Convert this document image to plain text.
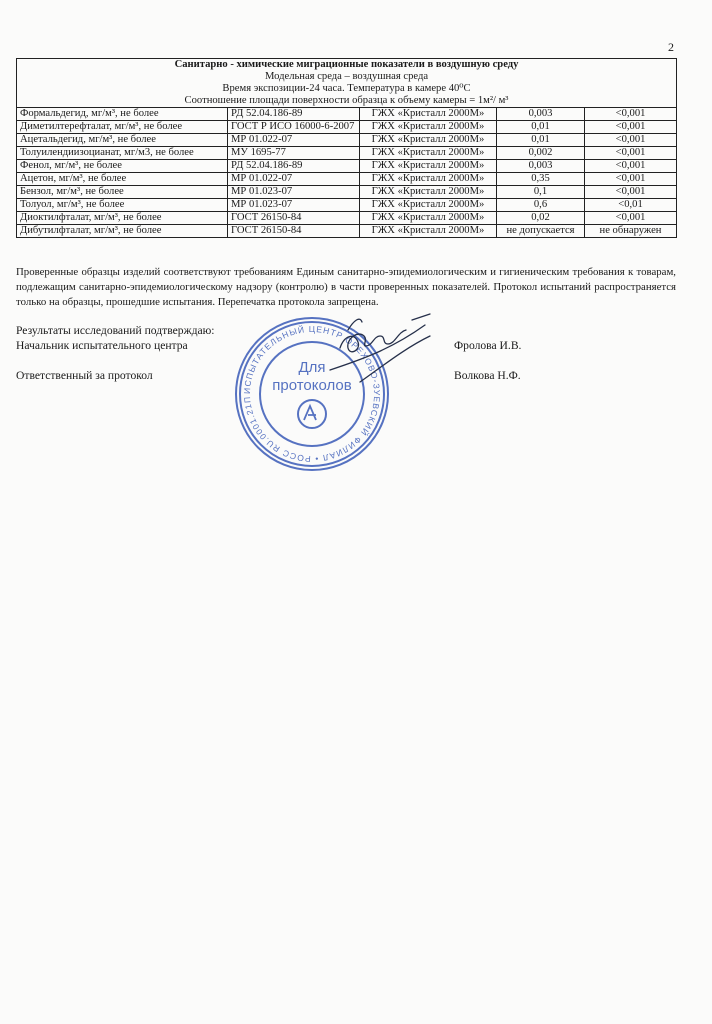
2
Санитарно - химические миграционные показатели в воздушную среду
Модельная среда – воздушная среда
Время экспозиции-24 часа. Температура в камере 40⁰С
Соотношение площади поверхности образца к объему камеры = 1м²/ м³				

Формальдегид, мг/м³, не более	РД 52.04.186-89	ГЖХ «Кристалл 2000М»	0,003	<0,001
Диметилтерефталат, мг/м³, не более	ГОСТ Р ИСО 16000-6-2007	ГЖХ «Кристалл 2000М»	0,01	<0,001
Ацетальдегид, мг/м³, не более	МР 01.022-07	ГЖХ «Кристалл 2000М»	0,01	<0,001
Толуилендиизоцианат, мг/м3, не более	МУ 1695-77	ГЖХ «Кристалл 2000М»	0,002	<0,001
Фенол, мг/м³, не более	РД 52.04.186-89	ГЖХ «Кристалл 2000М»	0,003	<0,001
Ацетон, мг/м³, не более	МР 01.022-07	ГЖХ «Кристалл 2000М»	0,35	<0,001
Бензол, мг/м³, не более	МР 01.023-07	ГЖХ «Кристалл 2000М»	0,1	<0,001
Толуол, мг/м³, не более	МР 01.023-07	ГЖХ «Кристалл 2000М»	0,6	<0,01
Диоктилфталат, мг/м³, не более	ГОСТ 26150-84	ГЖХ «Кристалл 2000М»	0,02	<0,001
Дибутилфталат, мг/м³, не более	ГОСТ 26150-84	ГЖХ «Кристалл 2000М»	не допускается	не обнаружен
Проверенные образцы изделий соответствуют требованиям Единым санитарно-эпидемиологическим и гигиеническим требования к товарам, подлежащим санитарно-эпидемиологическому надзору (контролю) в части проверенных показателей. Протокол испытаний распространяется только на образцы, прошедшие испытания. Перепечатка протокола запрещена.
Результаты исследований подтверждаю:
Начальник испытательного центра	Фролова И.В.
Ответственный за протокол	Волкова Н.Ф.
ИСПЫТАТЕЛЬНЫЙ ЦЕНТР ОРЕХОВО-ЗУЕВСКИЙ ФИЛИАЛ • РОСС RU.0001.21П
Для
протоколов
